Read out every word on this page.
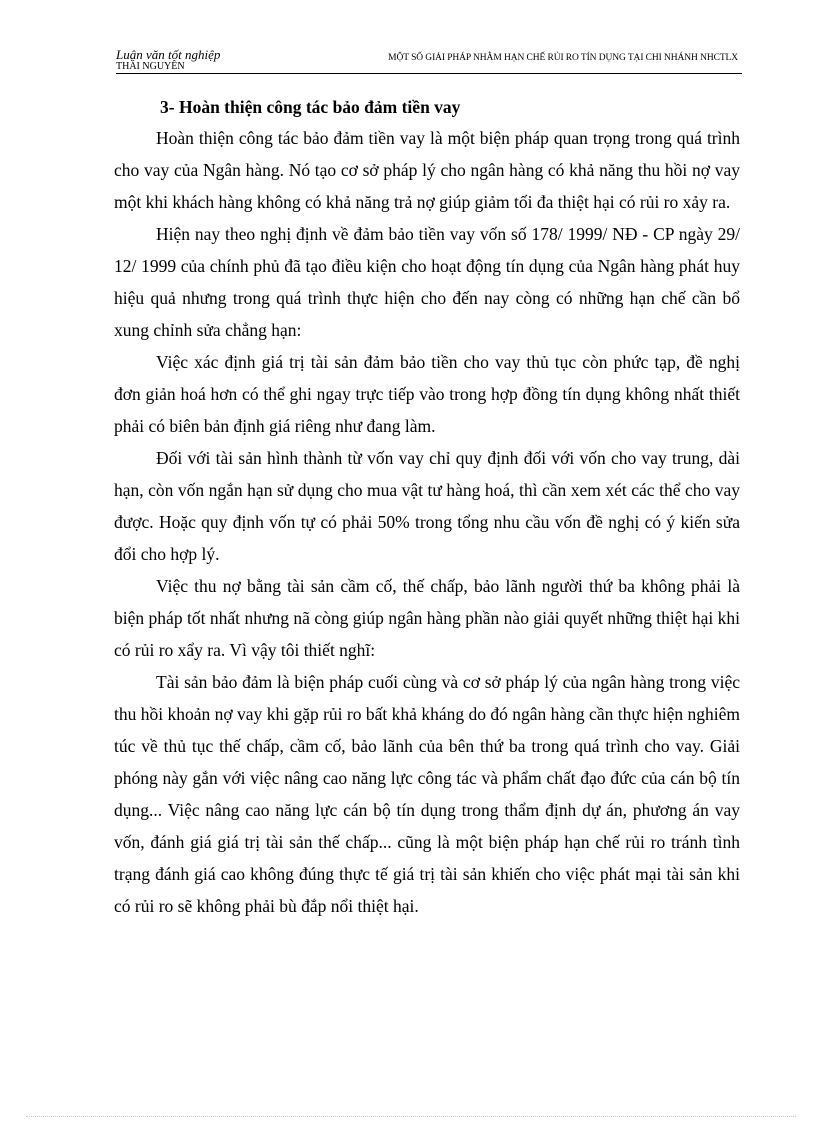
Luận văn tốt nghiệp
THÁI NGUYÊN
MỘT SỐ GIẢI PHÁP NHẰM HẠN CHẾ RỦI RO TÍN DỤNG TẠI CHI NHÁNH NHCTLX

3- Hoàn thiện công tác bảo đảm tiền vay

Hoàn thiện công tác bảo đảm tiền vay là một biện pháp quan trọng trong quá trình cho vay của Ngân hàng. Nó tạo cơ sở pháp lý cho ngân hàng có khả năng thu hồi nợ vay một khi khách hàng không có khả năng trả nợ giúp giảm tối đa thiệt hại có rủi ro xảy ra.

Hiện nay theo nghị định về đảm bảo tiền vay vốn số 178/ 1999/ NĐ - CP ngày 29/ 12/ 1999 của chính phủ đã tạo điều kiện cho hoạt động tín dụng của Ngân hàng phát huy hiệu quả nhưng trong quá trình thực hiện cho đến nay còng có những hạn chế cần bổ xung chỉnh sửa chẳng hạn:

Việc xác định giá trị tài sản đảm bảo tiền cho vay thủ tục còn phức tạp, đề nghị đơn giản hoá hơn có thể ghi ngay trực tiếp vào trong hợp đồng tín dụng không nhất thiết phải có biên bản định giá riêng như đang làm.

Đối với tài sản hình thành từ vốn vay chỉ quy định đối với vốn cho vay trung, dài hạn, còn vốn ngắn hạn sử dụng cho mua vật tư hàng hoá, thì cần xem xét các thể cho vay được. Hoặc quy định vốn tự có phải 50% trong tổng nhu cầu vốn đề nghị có ý kiến sửa đổi cho hợp lý.

Việc thu nợ bằng tài sản cầm cố, thế chấp, bảo lãnh người thứ ba không phải là biện pháp tốt nhất nhưng nã còng giúp ngân hàng phần nào giải quyết những thiệt hại khi có rủi ro xẩy ra. Vì vậy tôi thiết nghĩ:

Tài sản bảo đảm là biện pháp cuối cùng và cơ sở pháp lý của ngân hàng trong việc thu hồi khoản nợ vay khi gặp rủi ro bất khả kháng do đó ngân hàng cần thực hiện nghiêm túc về thủ tục thế chấp, cầm cố, bảo lãnh của bên thứ ba trong quá trình cho vay. Giải phóng này gắn với việc nâng cao năng lực công tác và phẩm chất đạo đức của cán bộ tín dụng... Việc nâng cao năng lực cán bộ tín dụng trong thẩm định dự án, phương án vay vốn, đánh giá giá trị tài sản thế chấp... cũng là một biện pháp hạn chế rủi ro tránh tình trạng đánh giá cao không đúng thực tế giá trị tài sản khiến cho việc phát mại tài sản khi có rủi ro sẽ không phải bù đắp nổi thiệt hại.
